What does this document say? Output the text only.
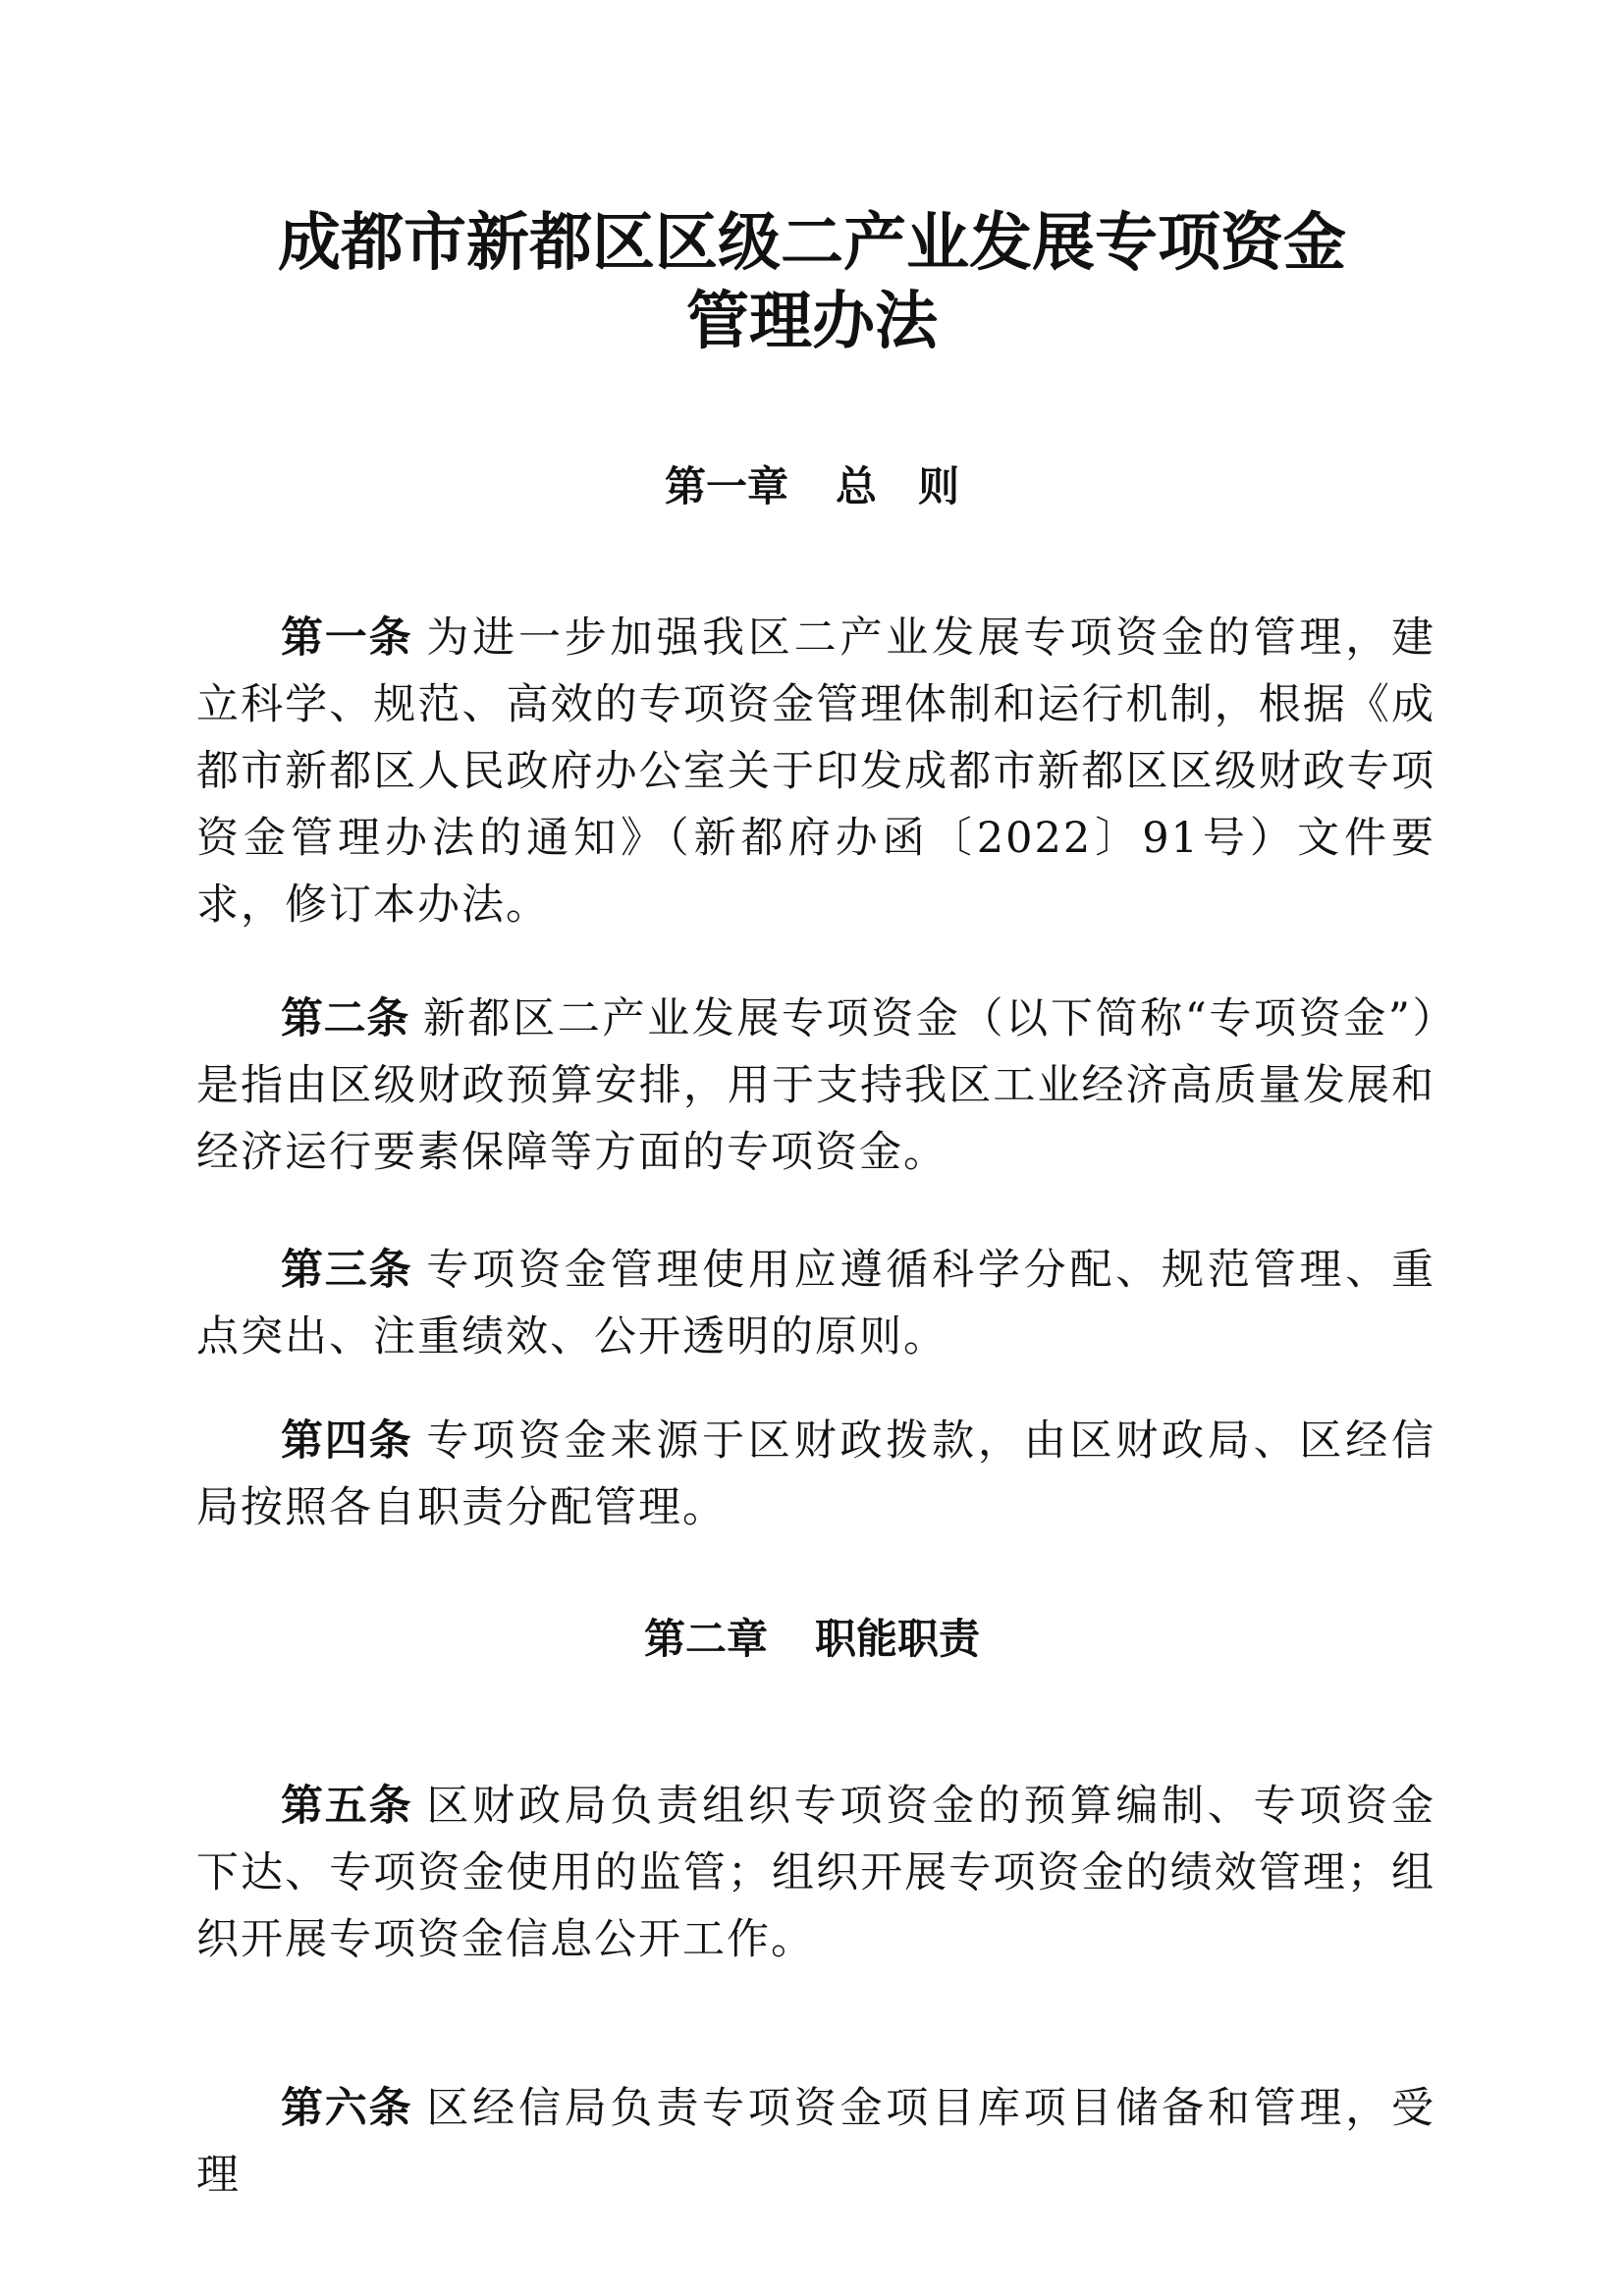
成都市新都区区级二产业发展专项资金
管理办法
第一章 总 则
第一条 为进一步加强我区二产业发展专项资金的管理，建立科学、规范、高效的专项资金管理体制和运行机制，根据《成都市新都区人民政府办公室关于印发成都市新都区区级财政专项资金管理办法的通知》（新都府办函〔2022〕91号）文件要求，修订本办法。
第二条 新都区二产业发展专项资金（以下简称“专项资金”）是指由区级财政预算安排，用于支持我区工业经济高质量发展和经济运行要素保障等方面的专项资金。
第三条 专项资金管理使用应遵循科学分配、规范管理、重点突出、注重绩效、公开透明的原则。
第四条 专项资金来源于区财政拨款，由区财政局、区经信局按照各自职责分配管理。
第二章 职能职责
第五条 区财政局负责组织专项资金的预算编制、专项资金下达、专项资金使用的监管；组织开展专项资金的绩效管理；组织开展专项资金信息公开工作。
第六条 区经信局负责专项资金项目库项目储备和管理，受理
